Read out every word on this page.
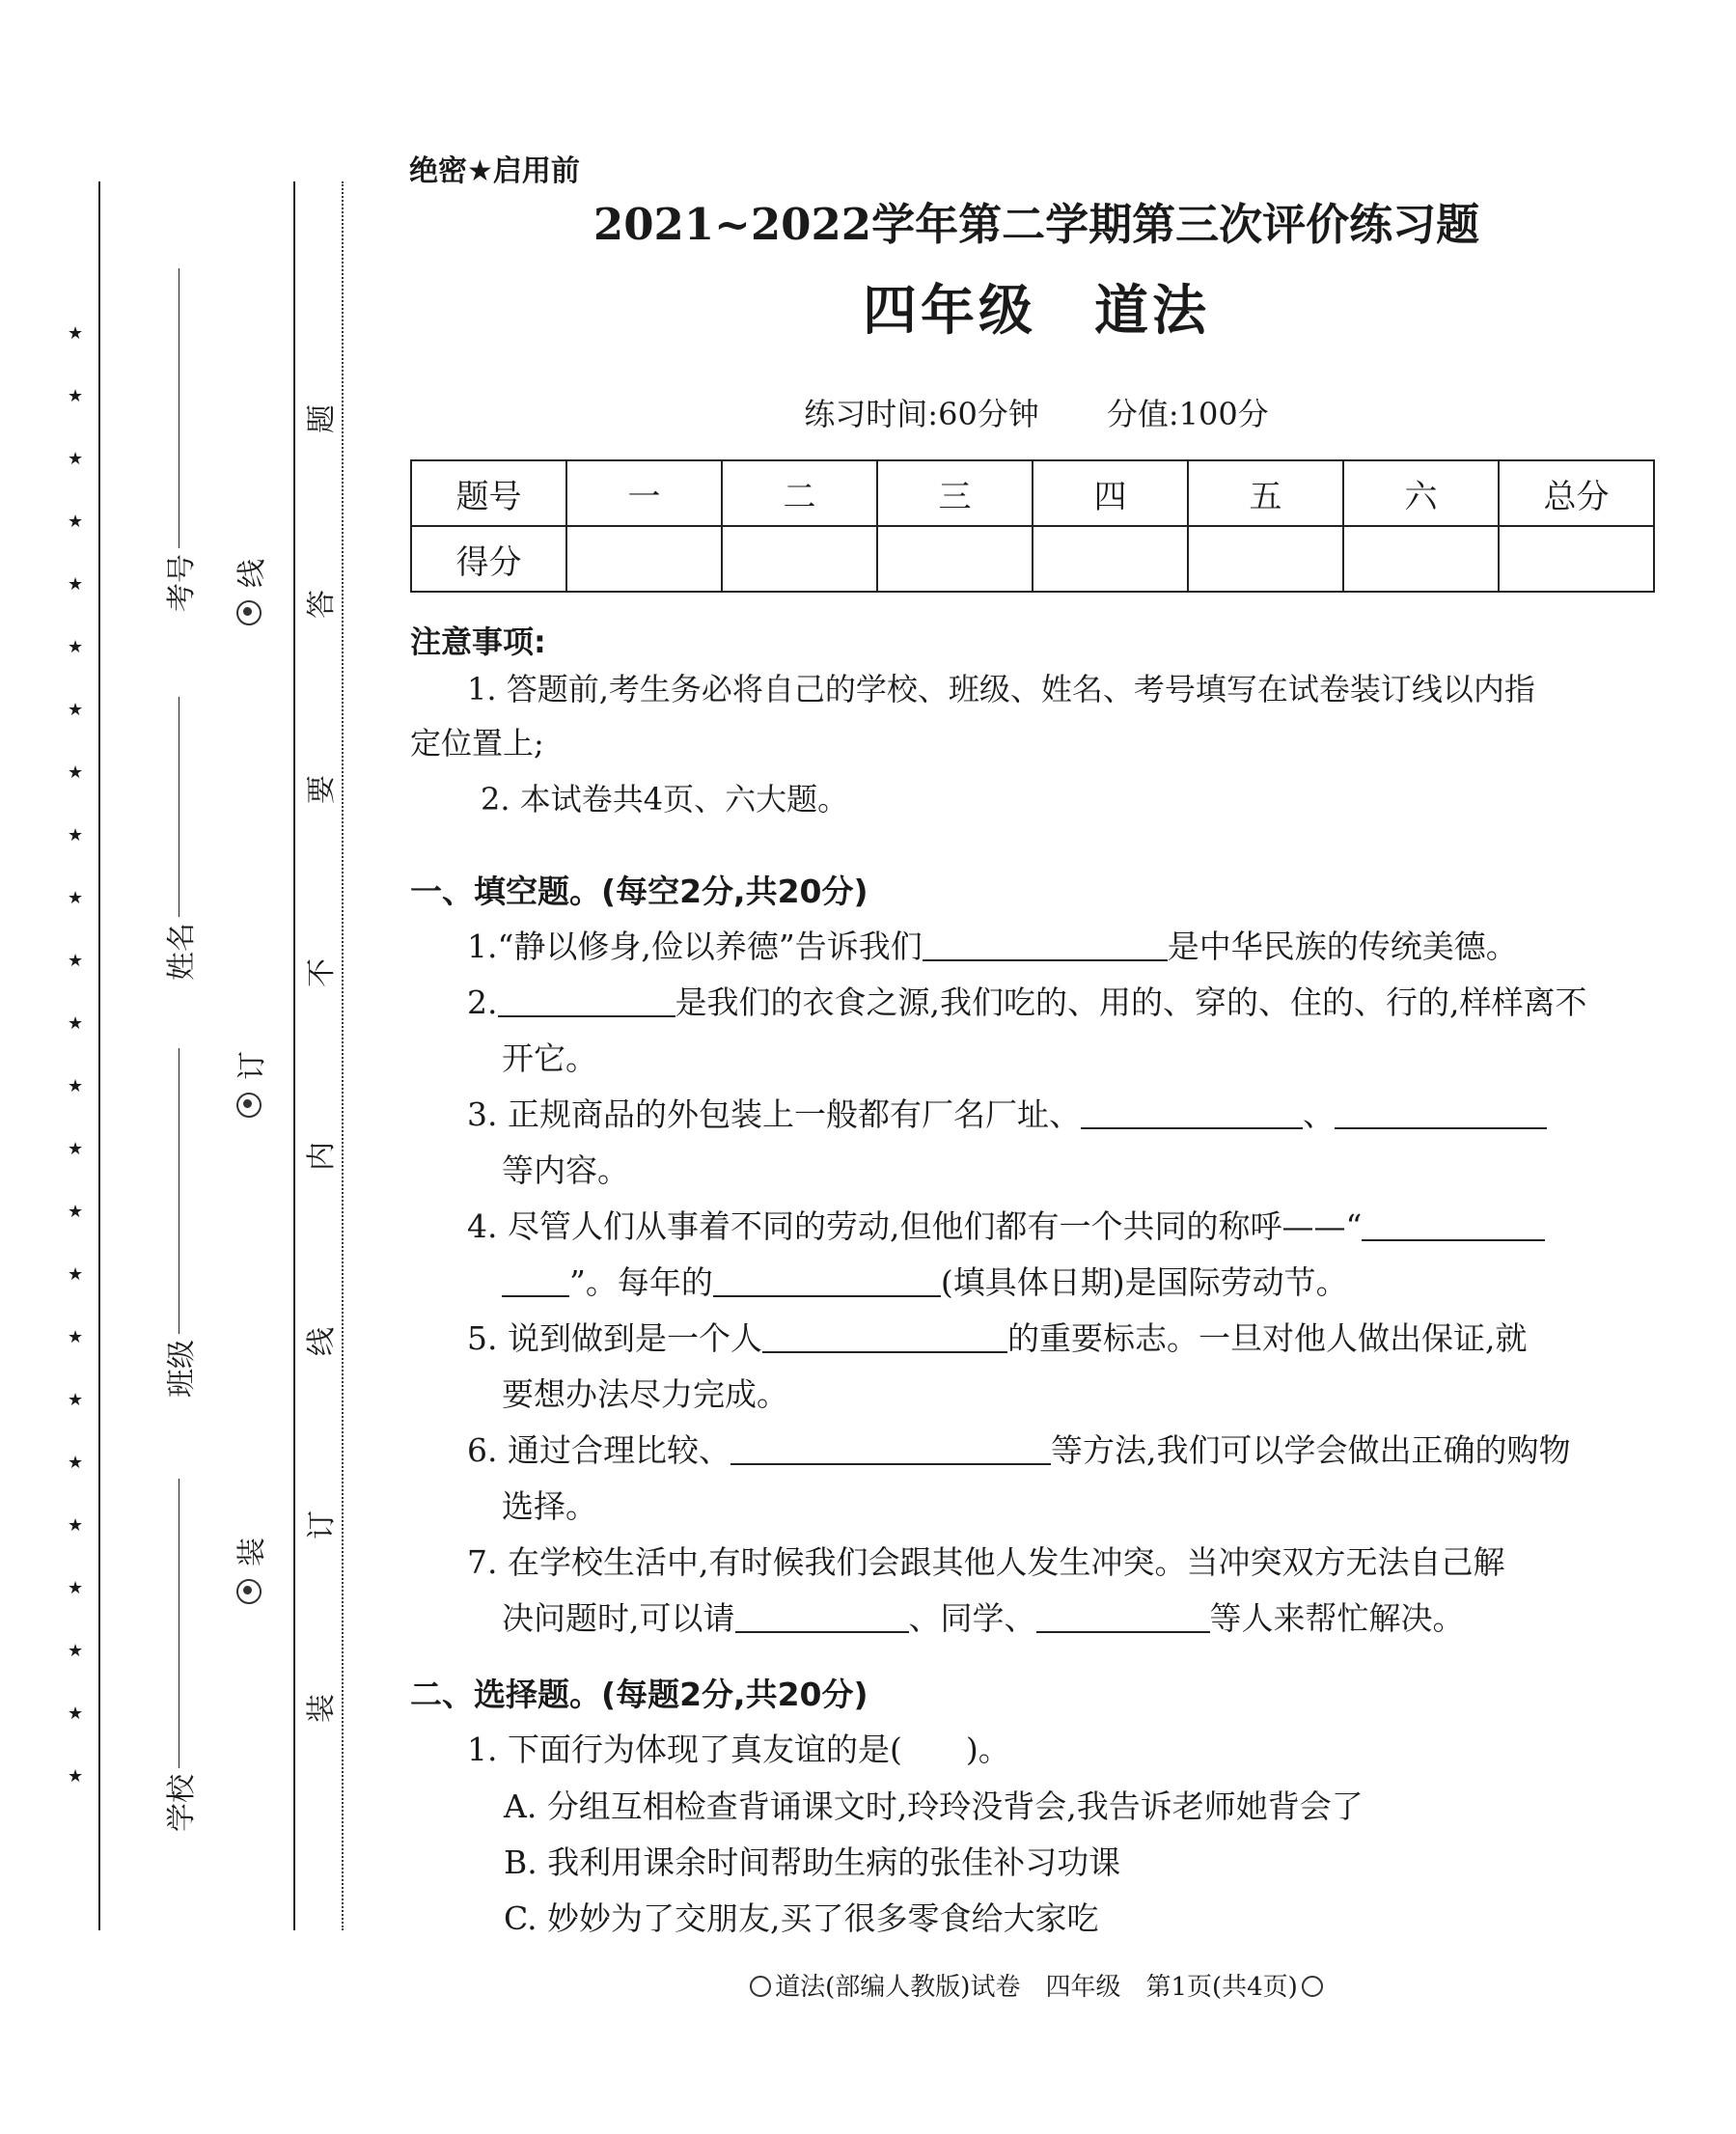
★
★
★
★
★
★
★
★
★
★
★
★
★
★
★
★
★
★
★
★
★
★
★
★
考号
姓名
班级
学校
线
订
装
题
答
要
不
内
线
订
装
绝密★启用前
2021~2022学年第二学期第三次评价练习题
四年级　道法
练习时间:60分钟 分值:100分
题号	一	二	三	四	五	六	总分
得分							
注意事项:
1. 答题前,考生务必将自己的学校、班级、姓名、考号填写在试卷装订线以内指
定位置上;
2. 本试卷共4页、六大题。
一、填空题。(每空2分,共20分)
1.“静以修身,俭以养德”告诉我们	是中华民族的传统美德。
2.	是我们的衣食之源,我们吃的、用的、穿的、住的、行的,样样离不
开它。
3. 正规商品的外包装上一般都有厂名厂址、	、
等内容。
4. 尽管人们从事着不同的劳动,但他们都有一个共同的称呼——“
”。每年的	(填具体日期)是国际劳动节。
5. 说到做到是一个人	的重要标志。一旦对他人做出保证,就
要想办法尽力完成。
6. 通过合理比较、	等方法,我们可以学会做出正确的购物
选择。
7. 在学校生活中,有时候我们会跟其他人发生冲突。当冲突双方无法自己解
决问题时,可以请	、同学、	等人来帮忙解决。
二、选择题。(每题2分,共20分)
1. 下面行为体现了真友谊的是(　　)。
A. 分组互相检查背诵课文时,玲玲没背会,我告诉老师她背会了
B. 我利用课余时间帮助生病的张佳补习功课
C. 妙妙为了交朋友,买了很多零食给大家吃
道法(部编人教版)试卷　四年级　第1页(共4页)
